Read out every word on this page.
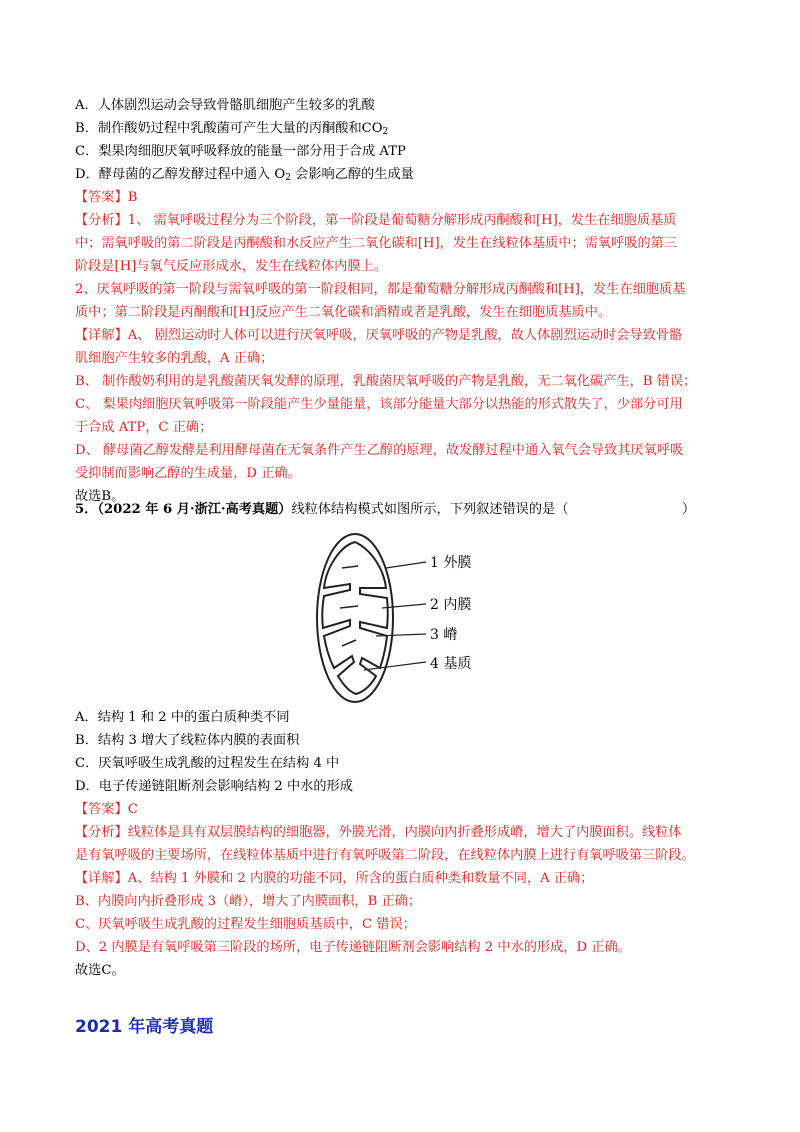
A．人体剧烈运动会导致骨骼肌细胞产生较多的乳酸
B．制作酸奶过程中乳酸菌可产生大量的丙酮酸和$CO_2$
C．梨果肉细胞厌氧呼吸释放的能量一部分用于合成 ATP
D．酵母菌的乙醇发酵过程中通入 $O_2$ 会影响乙醇的生成量
【答案】B
【分析】1、 需氧呼吸过程分为三个阶段，第一阶段是葡萄糖分解形成丙酮酸和[H]，发生在细胞质基质
中；需氧呼吸的第二阶段是丙酮酸和水反应产生二氧化碳和[H]，发生在线粒体基质中；需氧呼吸的第三
阶段是[H]与氧气反应形成水，发生在线粒体内膜上。
2、厌氧呼吸的第一阶段与需氧呼吸的第一阶段相同，都是葡萄糖分解形成丙酮酸和[H]，发生在细胞质基
质中；第二阶段是丙酮酸和[H]反应产生二氧化碳和酒精或者是乳酸，发生在细胞质基质中。
【详解】A、 剧烈运动时人体可以进行厌氧呼吸，厌氧呼吸的产物是乳酸，故人体剧烈运动时会导致骨骼
肌细胞产生较多的乳酸，A 正确；
B、 制作酸奶利用的是乳酸菌厌氧发酵的原理，乳酸菌厌氧呼吸的产物是乳酸，无二氧化碳产生，B 错误；
C、 梨果肉细胞厌氧呼吸第一阶段能产生少量能量，该部分能量大部分以热能的形式散失了，少部分可用
于合成 ATP，C 正确；
D、 酵母菌乙醇发酵是利用酵母菌在无氧条件产生乙醇的原理，故发酵过程中通入氧气会导致其厌氧呼吸
受抑制而影响乙醇的生成量，D 正确。
故选B。
5．（2022 年 6 月·浙江·高考真题）线粒体结构模式如图所示，下列叙述错误的是（	）
1 外膜
2 内膜
3 嵴
4 基质
A．结构 1 和 2 中的蛋白质种类不同
B．结构 3 增大了线粒体内膜的表面积
C．厌氧呼吸生成乳酸的过程发生在结构 4 中
D．电子传递链阻断剂会影响结构 2 中水的形成
【答案】C
【分析】线粒体是具有双层膜结构的细胞器，外膜光滑，内膜向内折叠形成嵴，增大了内膜面积。线粒体
是有氧呼吸的主要场所，在线粒体基质中进行有氧呼吸第二阶段，在线粒体内膜上进行有氧呼吸第三阶段。
【详解】A、结构 1 外膜和 2 内膜的功能不同，所含的蛋白质种类和数量不同，A 正确；
B、内膜向内折叠形成 3（嵴），增大了内膜面积，B 正确；
C、厌氧呼吸生成乳酸的过程发生细胞质基质中，C 错误；
D、2 内膜是有氧呼吸第三阶段的场所，电子传递链阻断剂会影响结构 2 中水的形成，D 正确。
故选C。
2021 年高考真题
